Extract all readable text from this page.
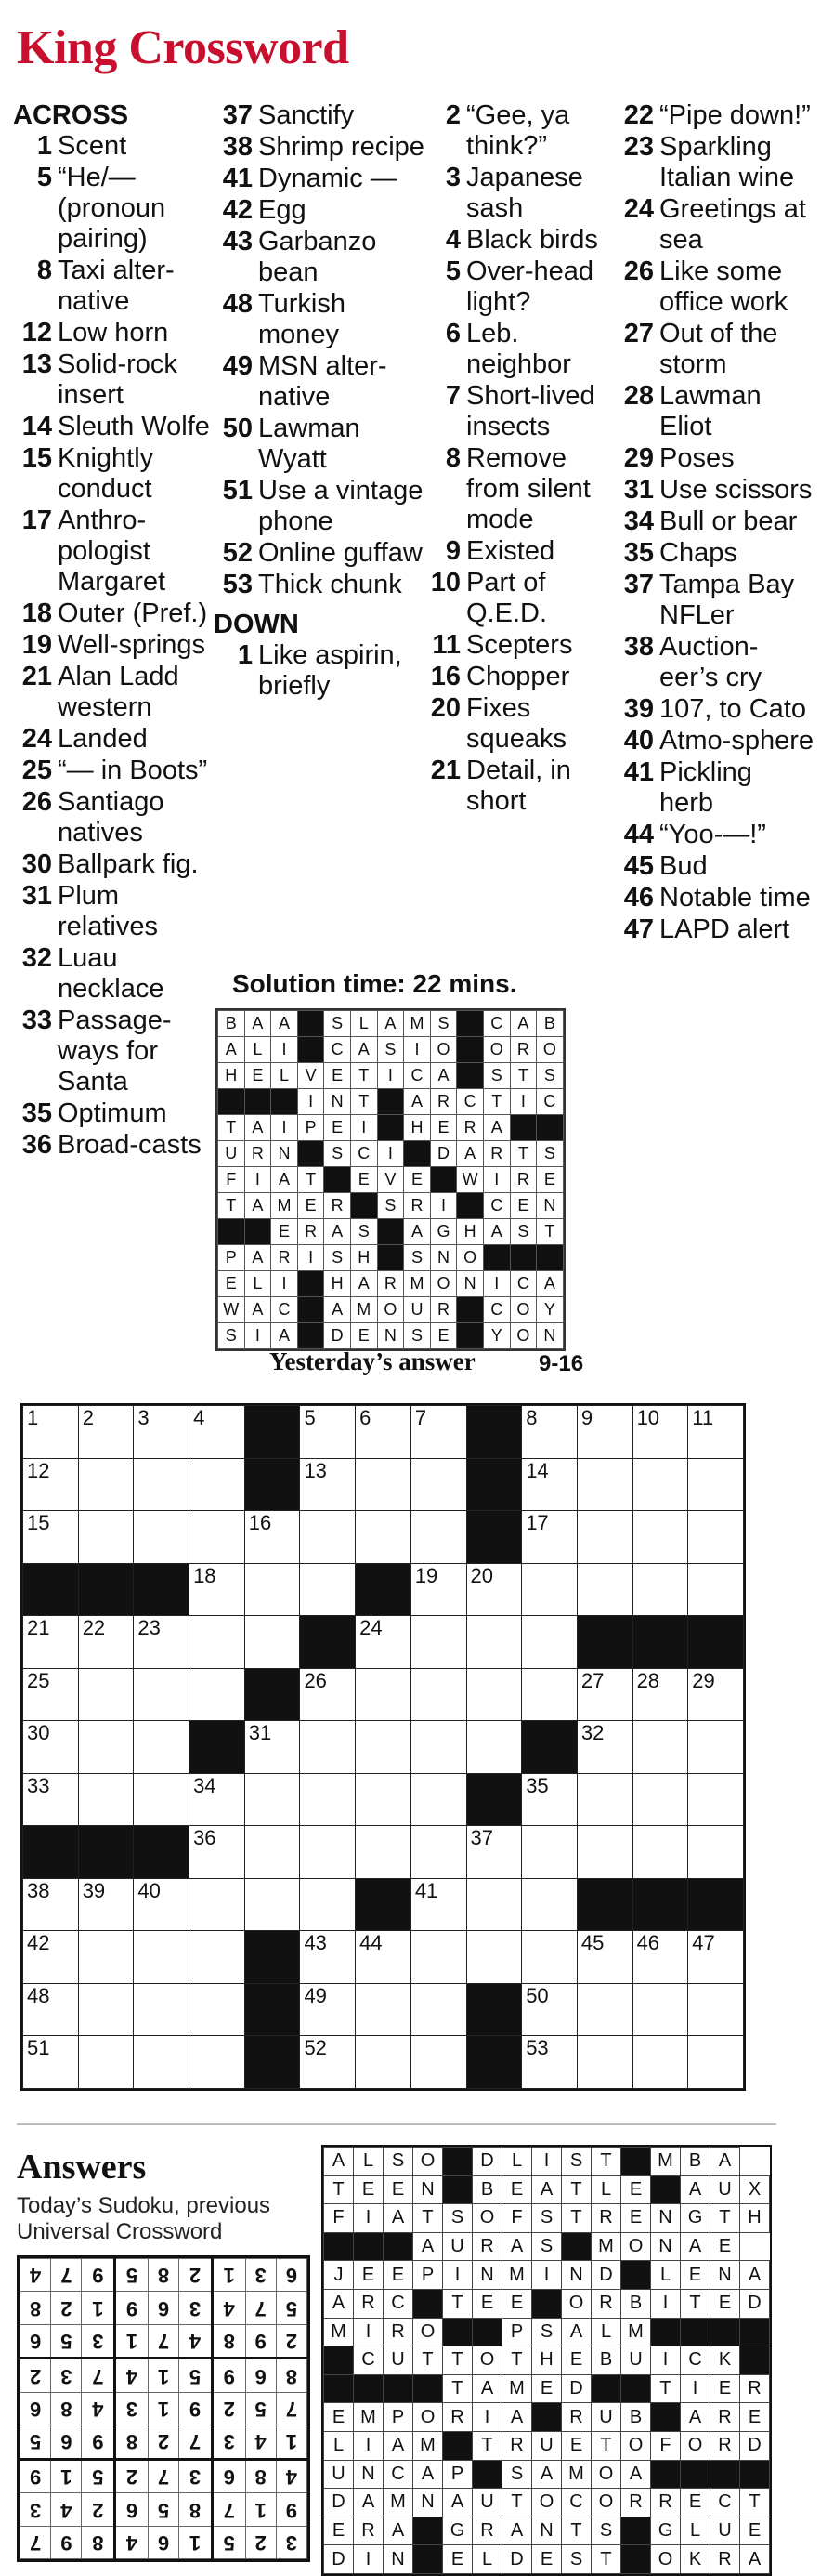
King Crossword
ACROSS
1 Scent
5 “He/— (pronoun pairing)
8 Taxi alter-native
12 Low horn
13 Solid-rock insert
14 Sleuth Wolfe
15 Knightly conduct
17 Anthro-pologist Margaret
18 Outer (Pref.)
19 Well-springs
21 Alan Ladd western
24 Landed
25 “— in Boots”
26 Santiago natives
30 Ballpark fig.
31 Plum relatives
32 Luau necklace
33 Passage-ways for Santa
35 Optimum
36 Broad-casts
37 Sanctify
38 Shrimp recipe
41 Dynamic —
42 Egg
43 Garbanzo bean
48 Turkish money
49 MSN alter-native
50 Lawman Wyatt
51 Use a vintage phone
52 Online guffaw
53 Thick chunk
DOWN
1 Like aspirin, briefly
2 “Gee, ya think?”
3 Japanese sash
4 Black birds
5 Over-head light?
6 Leb. neighbor
7 Short-lived insects
8 Remove from silent mode
9 Existed
10 Part of Q.E.D.
11 Scepters
16 Chopper
20 Fixes squeaks
21 Detail, in short
22 “Pipe down!”
23 Sparkling Italian wine
24 Greetings at sea
26 Like some office work
27 Out of the storm
28 Lawman Eliot
29 Poses
31 Use scissors
34 Bull or bear
35 Chaps
37 Tampa Bay NFLer
38 Auction-eer’s cry
39 107, to Cato
40 Atmo-sphere
41 Pickling herb
44 “Yoo-—!”
45 Bud
46 Notable time
47 LAPD alert
Solution time: 22 mins.
B	A	A		S	L	A	M	S		C	A	B
A	L	I		C	A	S	I	O		O	R	O
H	E	L	V	E	T	I	C	A		S	T	S
			I	N	T		A	R	C	T	I	C
T	A	I	P	E	I		H	E	R	A		
U	R	N		S	C	I		D	A	R	T	S
F	I	A	T		E	V	E		W	I	R	E
T	A	M	E	R		S	R	I		C	E	N
		E	R	A	S		A	G	H	A	S	T
P	A	R	I	S	H		S	N	O			
E	L	I		H	A	R	M	O	N	I	C	A
W	A	C		A	M	O	U	R		C	O	Y
S	I	A		D	E	N	S	E		Y	O	N
Yesterday’s answer	9-16
1	2	3	4		5	6	7		8	9	10	11

12					13				14			

15				16					17			

			18				19	20				

21	22	23				24						

25					26					27	28	29

30				31						32		

33			34						35			

			36					37				

38	39	40					41					

42					43	44				45	46	47

48					49				50			

51					52				53			

Answers
Today’s Sudoku, previous Universal Crossword
3	2	5	1	6	4	8	9	7
9	1	7	8	5	6	2	4	3
4	8	6	3	7	2	5	1	9
1	4	3	7	2	8	9	6	5
7	5	2	9	1	3	4	8	6
8	6	9	5	1	4	7	3	2
2	9	8	4	7	1	3	5	6
5	7	4	3	6	9	1	2	8
6	3	1	2	8	5	9	7	4
A	L	S	O		D	L	I	S	T		M	B	A	
T	E	E	N		B	E	A	T	L	E		A	U	X
F	I	A	T	S	O	F	S	T	R	E	N	G	T	H
			A	U	R	A	S		M	O	N	A	E	
J	E	E	P	I	N	M	I	N	D		L	E	N	A
A	R	C		T	E	E		O	R	B	I	T	E	D
M	I	R	O			P	S	A	L	M				
	C	U	T	T	O	T	H	E	B	U	I	C	K	
				T	A	M	E	D			T	I	E	R
E	M	P	O	R	I	A		R	U	B		A	R	E
L	I	A	M		T	R	U	E	T	O	F	O	R	D
U	N	C	A	P		S	A	M	O	A				
D	A	M	N	A	U	T	O	C	O	R	R	E	C	T
E	R	A		G	R	A	N	T	S		G	L	U	E
D	I	N		E	L	D	E	S	T		O	K	R	A
